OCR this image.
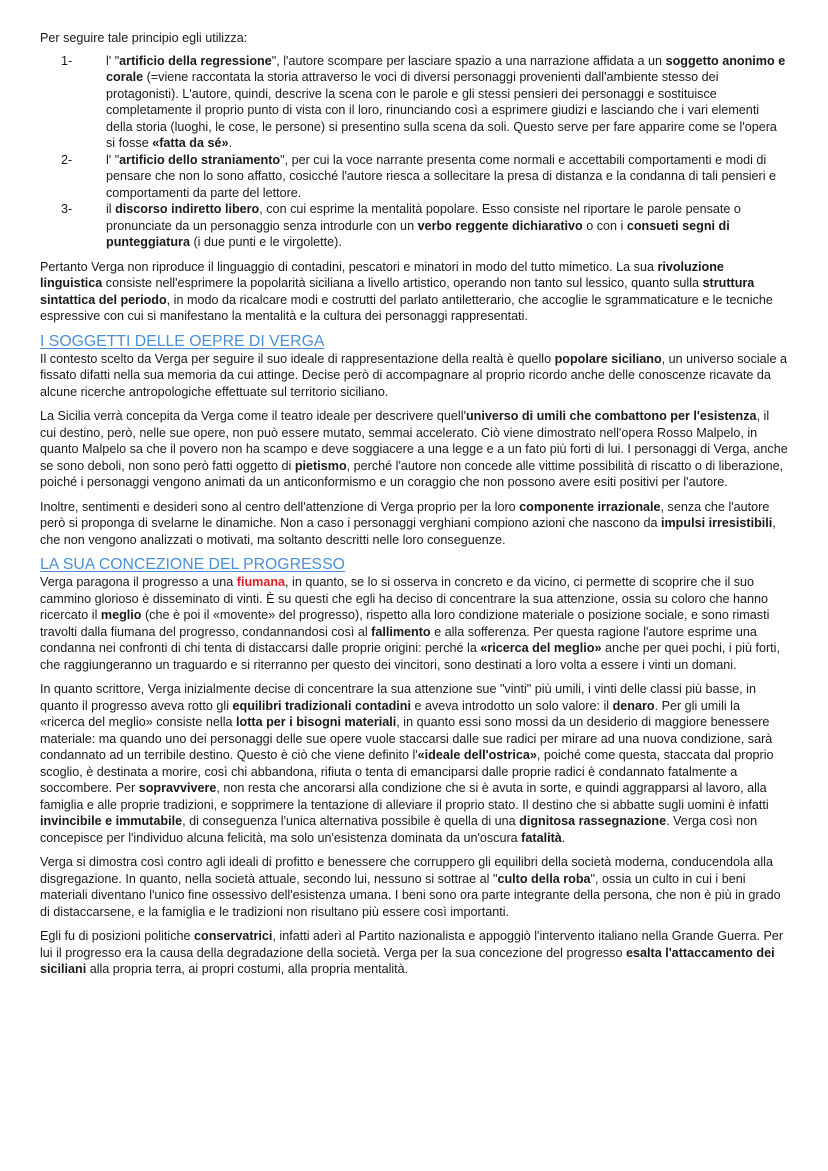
Per seguire tale principio egli utilizza:

1-	l' "artificio della regressione", l'autore scompare per lasciare spazio a una narrazione affidata a un soggetto anonimo e corale (=viene raccontata la storia attraverso le voci di diversi personaggi provenienti dall'ambiente stesso dei protagonisti). L'autore, quindi, descrive la scena con le parole e gli stessi pensieri dei personaggi e sostituisce completamente il proprio punto di vista con il loro, rinunciando così a esprimere giudizi e lasciando che i vari elementi della storia (luoghi, le cose, le persone) si presentino sulla scena da soli. Questo serve per fare apparire come se l'opera si fosse «fatta da sé».
2-	l' "artificio dello straniamento", per cui la voce narrante presenta come normali e accettabili comportamenti e modi di pensare che non lo sono affatto, cosicché l'autore riesca a sollecitare la presa di distanza e la condanna di tali pensieri e comportamenti da parte del lettore.
3-	il discorso indiretto libero, con cui esprime la mentalità popolare. Esso consiste nel riportare le parole pensate o pronunciate da un personaggio senza introdurle con un verbo reggente dichiarativo o con i consueti segni di punteggiatura (i due punti e le virgolette).

Pertanto Verga non riproduce il linguaggio di contadini, pescatori e minatori in modo del tutto mimetico. La sua rivoluzione linguistica consiste nell'esprimere la popolarità siciliana a livello artistico, operando non tanto sul lessico, quanto sulla struttura sintattica del periodo, in modo da ricalcare modi e costrutti del parlato antiletterario, che accoglie le sgrammaticature e le tecniche espressive con cui si manifestano la mentalità e la cultura dei personaggi rappresentati.

I SOGGETTI DELLE OEPRE DI VERGA

Il contesto scelto da Verga per seguire il suo ideale di rappresentazione della realtà è quello popolare siciliano, un universo sociale a fissato difatti nella sua memoria da cui attinge. Decise però di accompagnare al proprio ricordo anche delle conoscenze ricavate da alcune ricerche antropologiche effettuate sul territorio siciliano.

La Sicilia verrà concepita da Verga come il teatro ideale per descrivere quell'universo di umili che combattono per l'esistenza, il cui destino, però, nelle sue opere, non può essere mutato, semmai accelerato. Ciò viene dimostrato nell'opera Rosso Malpelo, in quanto Malpelo sa che il povero non ha scampo e deve soggiacere a una legge e a un fato più forti di lui. I personaggi di Verga, anche se sono deboli, non sono però fatti oggetto di pietismo, perché l'autore non concede alle vittime possibilità di riscatto o di liberazione, poiché i personaggi vengono animati da un anticonformismo e un coraggio che non possono avere esiti positivi per l'autore.

Inoltre, sentimenti e desideri sono al centro dell'attenzione di Verga proprio per la loro componente irrazionale, senza che l'autore però si proponga di svelarne le dinamiche. Non a caso i personaggi verghiani compiono azioni che nascono da impulsi irresistibili, che non vengono analizzati o motivati, ma soltanto descritti nelle loro conseguenze.

LA SUA CONCEZIONE DEL PROGRESSO

Verga paragona il progresso a una fiumana, in quanto, se lo si osserva in concreto e da vicino, ci permette di scoprire che il suo cammino glorioso è disseminato di vinti. È su questi che egli ha deciso di concentrare la sua attenzione, ossia su coloro che hanno ricercato il meglio (che è poi il «movente» del progresso), rispetto alla loro condizione materiale o posizione sociale, e sono rimasti travolti dalla fiumana del progresso, condannandosi così al fallimento e alla sofferenza. Per questa ragione l'autore esprime una condanna nei confronti di chi tenta di distaccarsi dalle proprie origini: perché la «ricerca del meglio» anche per quei pochi, i più forti, che raggiungeranno un traguardo e si riterranno per questo dei vincitori, sono destinati a loro volta a essere i vinti un domani.

In quanto scrittore, Verga inizialmente decise di concentrare la sua attenzione sue "vinti" più umili, i vinti delle classi più basse, in quanto il progresso aveva rotto gli equilibri tradizionali contadini e aveva introdotto un solo valore: il denaro. Per gli umili la «ricerca del meglio» consiste nella lotta per i bisogni materiali, in quanto essi sono mossi da un desiderio di maggiore benessere materiale: ma quando uno dei personaggi delle sue opere vuole staccarsi dalle sue radici per mirare ad una nuova condizione, sarà condannato ad un terribile destino. Questo è ciò che viene definito l'«ideale dell'ostrica», poiché come questa, staccata dal proprio scoglio, è destinata a morire, così chi abbandona, rifiuta o tenta di emanciparsi dalle proprie radici è condannato fatalmente a soccombere. Per sopravvivere, non resta che ancorarsi alla condizione che si è avuta in sorte, e quindi aggrapparsi al lavoro, alla famiglia e alle proprie tradizioni, e sopprimere la tentazione di alleviare il proprio stato. Il destino che si abbatte sugli uomini è infatti invincibile e immutabile, di conseguenza l'unica alternativa possibile è quella di una dignitosa rassegnazione. Verga così non concepisce per l'individuo alcuna felicità, ma solo un'esistenza dominata da un'oscura fatalità.

Verga si dimostra così contro agli ideali di profitto e benessere che corruppero gli equilibri della società moderna, conducendola alla disgregazione. In quanto, nella società attuale, secondo lui, nessuno si sottrae al "culto della roba", ossia un culto in cui i beni materiali diventano l'unico fine ossessivo dell'esistenza umana. I beni sono ora parte integrante della persona, che non è più in grado di distaccarsene, e la famiglia e le tradizioni non risultano più essere così importanti.

Egli fu di posizioni politiche conservatrici, infatti aderì al Partito nazionalista e appoggiò l'intervento italiano nella Grande Guerra. Per lui il progresso era la causa della degradazione della società. Verga per la sua concezione del progresso esalta l'attaccamento dei siciliani alla propria terra, ai propri costumi, alla propria mentalità.
